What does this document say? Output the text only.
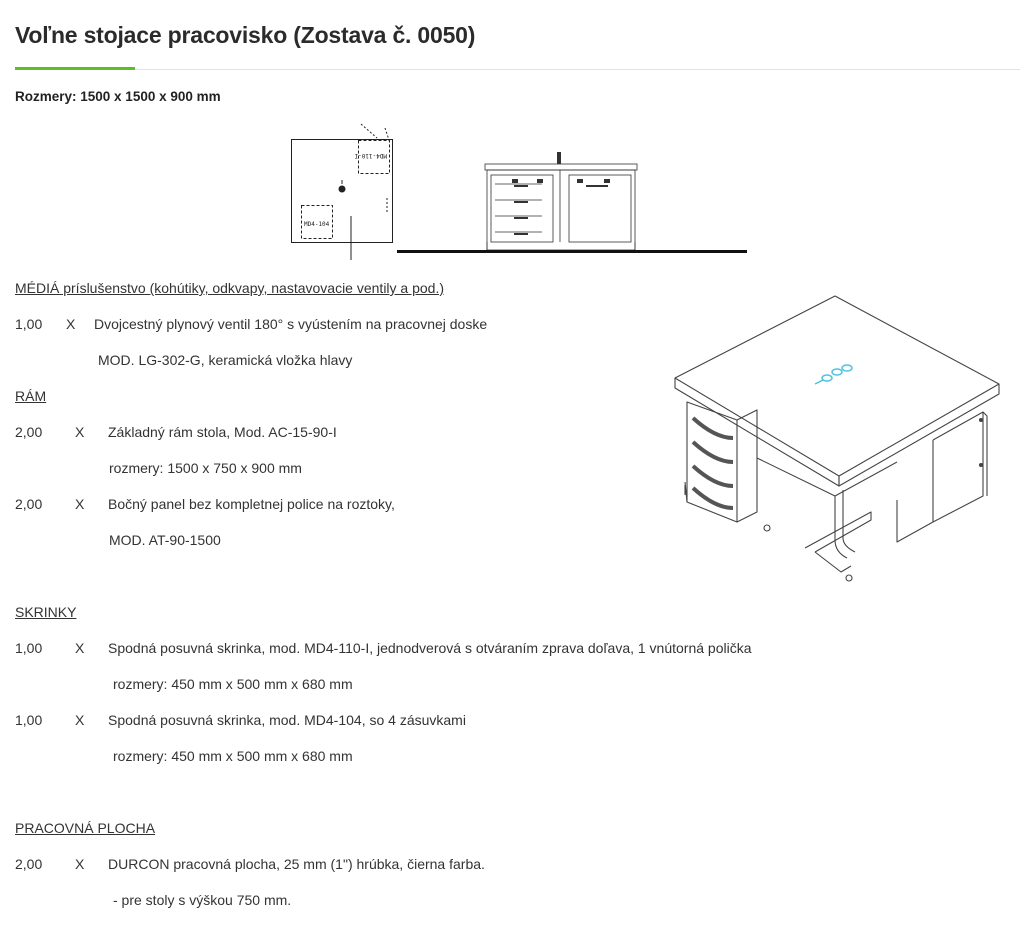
Voľne stojace pracovisko (Zostava č. 0050)
Rozmery: 1500 x 1500 x 900 mm
MD4-110-I
MD4-104
MÉDIÁ príslušenstvo (kohútiky, odkvapy, nastavovacie ventily a pod.)
1,00 X Dvojcestný plynový ventil 180° s vyústením na pracovnej doske
MOD. LG-302-G, keramická vložka hlavy
RÁM
2,00 X Základný rám stola, Mod. AC-15-90-I
rozmery: 1500 x 750 x 900 mm
2,00 X Bočný panel bez kompletnej police na roztoky,
MOD. AT-90-1500
SKRINKY
1,00 X Spodná posuvná skrinka, mod. MD4-110-I, jednodverová s otváraním zprava doľava, 1 vnútorná polička
rozmery: 450 mm x 500 mm x 680 mm
1,00 X Spodná posuvná skrinka, mod. MD4-104, so 4 zásuvkami
rozmery: 450 mm x 500 mm x 680 mm
PRACOVNÁ PLOCHA
2,00 X DURCON pracovná plocha, 25 mm (1") hrúbka, čierna farba.
- pre stoly s výškou 750 mm.
